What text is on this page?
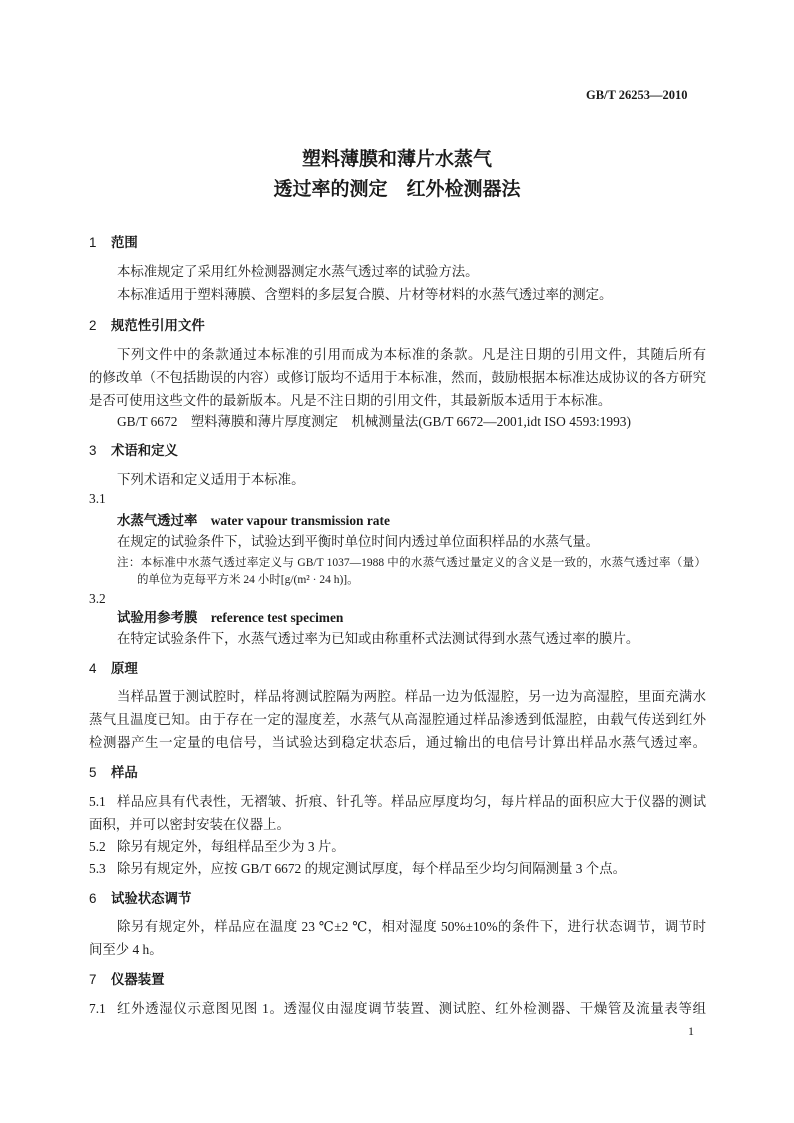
GB/T 26253—2010
塑料薄膜和薄片水蒸气
透过率的测定　红外检测器法
1 范围
本标准规定了采用红外检测器测定水蒸气透过率的试验方法。
本标准适用于塑料薄膜、含塑料的多层复合膜、片材等材料的水蒸气透过率的测定。
2 规范性引用文件
下列文件中的条款通过本标准的引用而成为本标准的条款。凡是注日期的引用文件，其随后所有
的修改单（不包括勘误的内容）或修订版均不适用于本标准，然而，鼓励根据本标准达成协议的各方研究
是否可使用这些文件的最新版本。凡是不注日期的引用文件，其最新版本适用于本标准。
GB/T 6672　塑料薄膜和薄片厚度测定　机械测量法(GB/T 6672—2001,idt ISO 4593:1993)
3 术语和定义
下列术语和定义适用于本标准。
3.1
水蒸气透过率　 water vapour transmission rate
在规定的试验条件下，试验达到平衡时单位时间内透过单位面积样品的水蒸气量。
注：本标准中水蒸气透过率定义与 GB/T 1037—1988 中的水蒸气透过量定义的含义是一致的，水蒸气透过率（量）
的单位为克每平方米 24 小时[g/(m² · 24 h)]。
3.2
试验用参考膜　 reference test specimen
在特定试验条件下，水蒸气透过率为已知或由称重杯式法测试得到水蒸气透过率的膜片。
4 原理
当样品置于测试腔时，样品将测试腔隔为两腔。样品一边为低湿腔，另一边为高湿腔，里面充满水
蒸气且温度已知。由于存在一定的湿度差，水蒸气从高湿腔通过样品渗透到低湿腔，由载气传送到红外
检测器产生一定量的电信号，当试验达到稳定状态后，通过输出的电信号计算出样品水蒸气透过率。
5 样品
5.1 样品应具有代表性，无褶皱、折痕、针孔等。样品应厚度均匀，每片样品的面积应大于仪器的测试
面积，并可以密封安装在仪器上。
5.2 除另有规定外，每组样品至少为 3 片。
5.3 除另有规定外，应按 GB/T 6672 的规定测试厚度，每个样品至少均匀间隔测量 3 个点。
6 试验状态调节
除另有规定外，样品应在温度 23 ℃±2 ℃，相对湿度 50%±10%的条件下，进行状态调节，调节时
间至少 4 h。
7 仪器装置
7.1 红外透湿仪示意图见图 1。透湿仪由湿度调节装置、测试腔、红外检测器、干燥管及流量表等组
1
